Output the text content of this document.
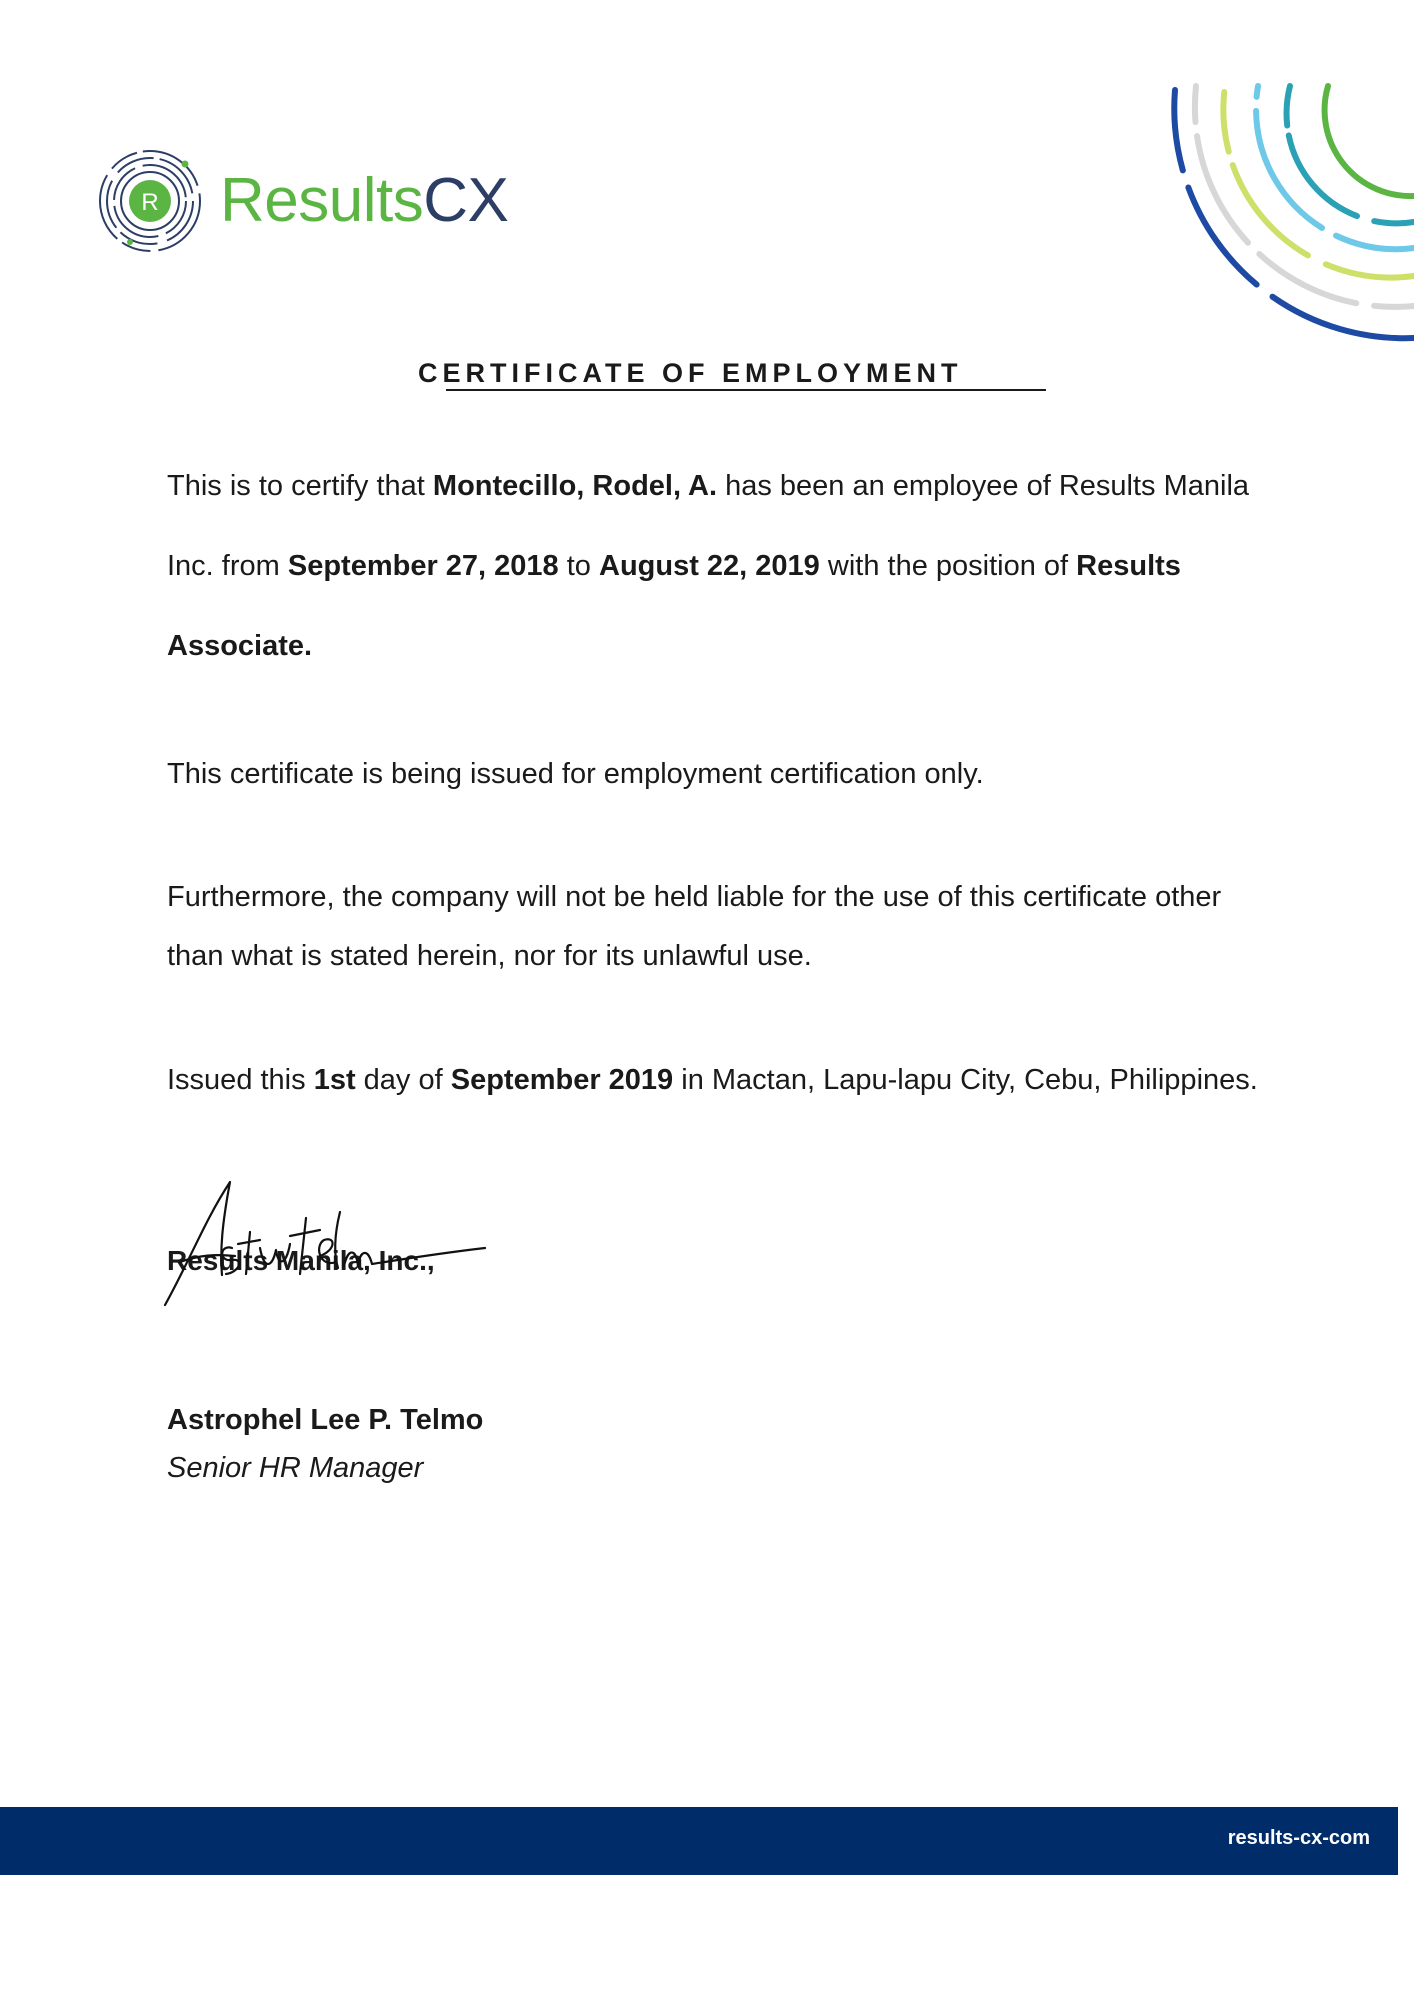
R ResultsCX
CERTIFICATE OF EMPLOYMENT
This is to certify that Montecillo, Rodel, A. has been an employee of Results Manila Inc. from September 27, 2018 to August 22, 2019 with the position of Results Associate.
This certificate is being issued for employment certification only.
Furthermore, the company will not be held liable for the use of this certificate other than what is stated herein, nor for its unlawful use.
Issued this 1st day of September 2019 in Mactan, Lapu-lapu City, Cebu, Philippines.
Results Manila, Inc.,
Astrophel Lee P. Telmo
Senior HR Manager
results-cx-com
